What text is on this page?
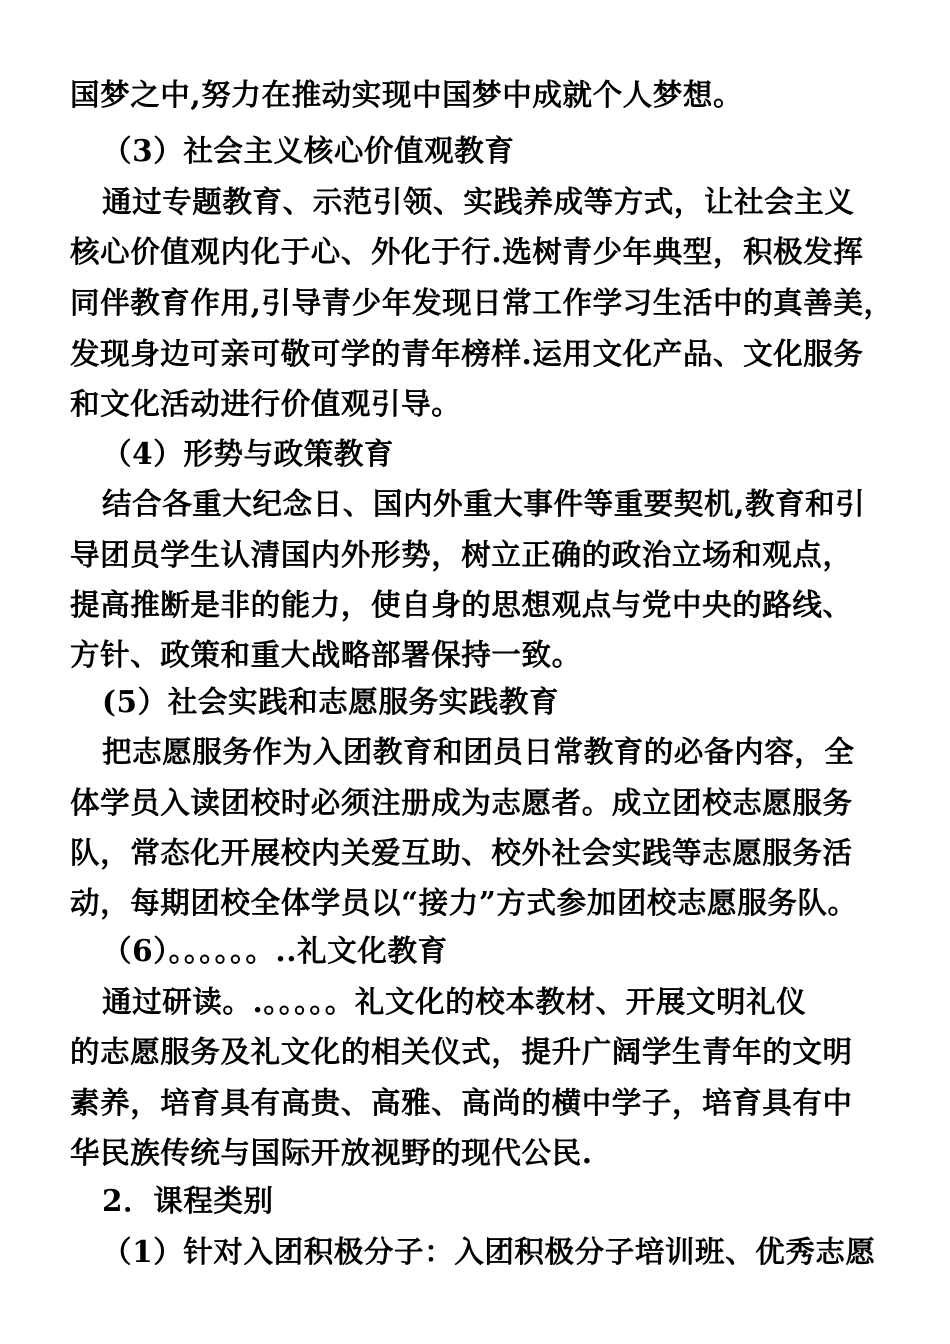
国梦之中,努力在推动实现中国梦中成就个人梦想。
（3）社会主义核心价值观教育
通过专题教育、示范引领、实践养成等方式，让社会主义
核心价值观内化于心、外化于行.选树青少年典型，积极发挥
同伴教育作用,引导青少年发现日常工作学习生活中的真善美，
发现身边可亲可敬可学的青年榜样.运用文化产品、文化服务
和文化活动进行价值观引导。
（4）形势与政策教育
结合各重大纪念日、国内外重大事件等重要契机,教育和引
导团员学生认清国内外形势，树立正确的政治立场和观点，
提高推断是非的能力，使自身的思想观点与党中央的路线、
方针、政策和重大战略部署保持一致。
(5）社会实践和志愿服务实践教育
把志愿服务作为入团教育和团员日常教育的必备内容，全
体学员入读团校时必须注册成为志愿者。成立团校志愿服务
队，常态化开展校内关爱互助、校外社会实践等志愿服务活
动，每期团校全体学员以“接力”方式参加团校志愿服务队。
（6）。。。。。。..礼文化教育
通过研读。.。。。。。礼文化的校本教材、开展文明礼仪
的志愿服务及礼文化的相关仪式，提升广阔学生青年的文明
素养，培育具有高贵、高雅、高尚的横中学子，培育具有中
华民族传统与国际开放视野的现代公民.
2．课程类别
（1）针对入团积极分子：入团积极分子培训班、优秀志愿
